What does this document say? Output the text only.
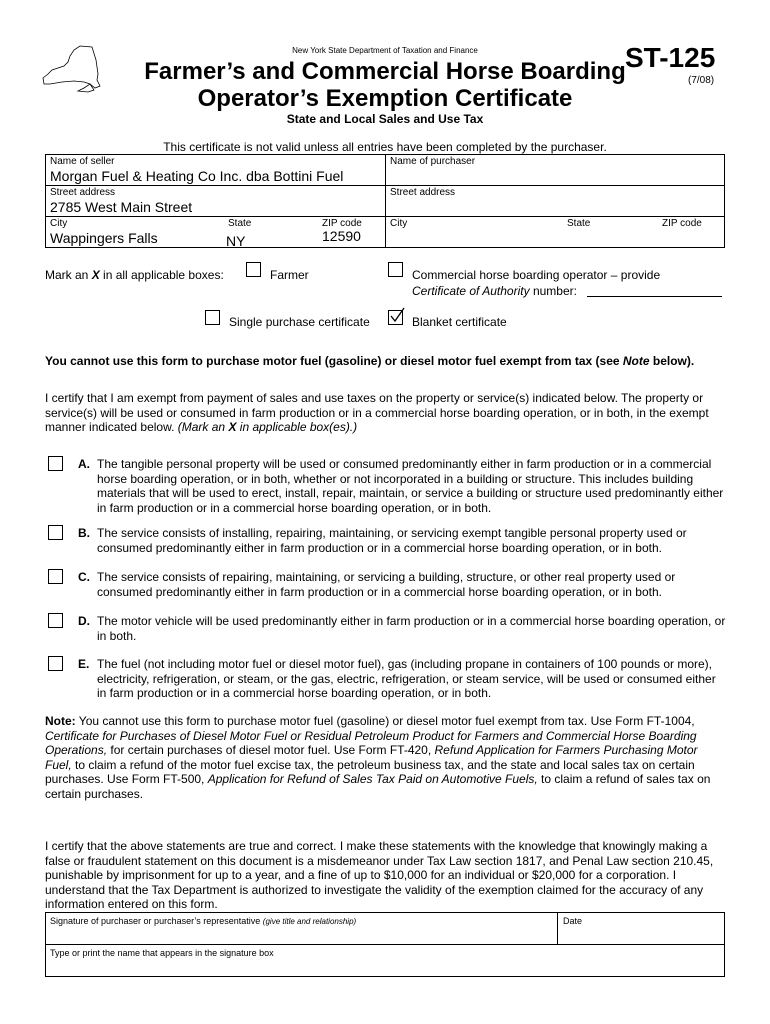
New York State Department of Taxation and Finance
Farmer’s and Commercial Horse Boarding
Operator’s Exemption Certificate
State and Local Sales and Use Tax
ST-125
(7/08)
This certificate is not valid unless all entries have been completed by the purchaser.
Name of seller
Morgan Fuel & Heating Co Inc. dba Bottini Fuel
Name of purchaser
Street address
2785 West Main Street
Street address
City
Wappingers Falls
State
NY
ZIP code
12590
City	State	ZIP code
Mark an X in all applicable boxes:	Farmer	Commercial horse boarding operator – provide
Certificate of Authority number:
Single purchase certificate	Blanket certificate
You cannot use this form to purchase motor fuel (gasoline) or diesel motor fuel exempt from tax (see Note below).
I certify that I am exempt from payment of sales and use taxes on the property or service(s) indicated below. The property or service(s) will be used or consumed in farm production or in a commercial horse boarding operation, or in both, in the exempt manner indicated below. (Mark an X in applicable box(es).)
A. The tangible personal property will be used or consumed predominantly either in farm production or in a commercial horse boarding operation, or in both, whether or not incorporated in a building or structure. This includes building materials that will be used to erect, install, repair, maintain, or service a building or structure used predominantly either in farm production or in a commercial horse boarding operation, or in both.
B. The service consists of installing, repairing, maintaining, or servicing exempt tangible personal property used or consumed predominantly either in farm production or in a commercial horse boarding operation, or in both.
C. The service consists of repairing, maintaining, or servicing a building, structure, or other real property used or consumed predominantly either in farm production or in a commercial horse boarding operation, or in both.
D. The motor vehicle will be used predominantly either in farm production or in a commercial horse boarding operation, or in both.
E. The fuel (not including motor fuel or diesel motor fuel), gas (including propane in containers of 100 pounds or more), electricity, refrigeration, or steam, or the gas, electric, refrigeration, or steam service, will be used or consumed either in farm production or in a commercial horse boarding operation, or in both.
Note: You cannot use this form to purchase motor fuel (gasoline) or diesel motor fuel exempt from tax. Use Form FT-1004, Certificate for Purchases of Diesel Motor Fuel or Residual Petroleum Product for Farmers and Commercial Horse Boarding Operations, for certain purchases of diesel motor fuel. Use Form FT-420, Refund Application for Farmers Purchasing Motor Fuel, to claim a refund of the motor fuel excise tax, the petroleum business tax, and the state and local sales tax on certain purchases. Use Form FT-500, Application for Refund of Sales Tax Paid on Automotive Fuels, to claim a refund of sales tax on certain purchases.
I certify that the above statements are true and correct. I make these statements with the knowledge that knowingly making a false or fraudulent statement on this document is a misdemeanor under Tax Law section 1817, and Penal Law section 210.45, punishable by imprisonment for up to a year, and a fine of up to $10,000 for an individual or $20,000 for a corporation. I understand that the Tax Department is authorized to investigate the validity of the exemption claimed for the accuracy of any information entered on this form.
Signature of purchaser or purchaser’s representative (give title and relationship)	Date
Type or print the name that appears in the signature box
